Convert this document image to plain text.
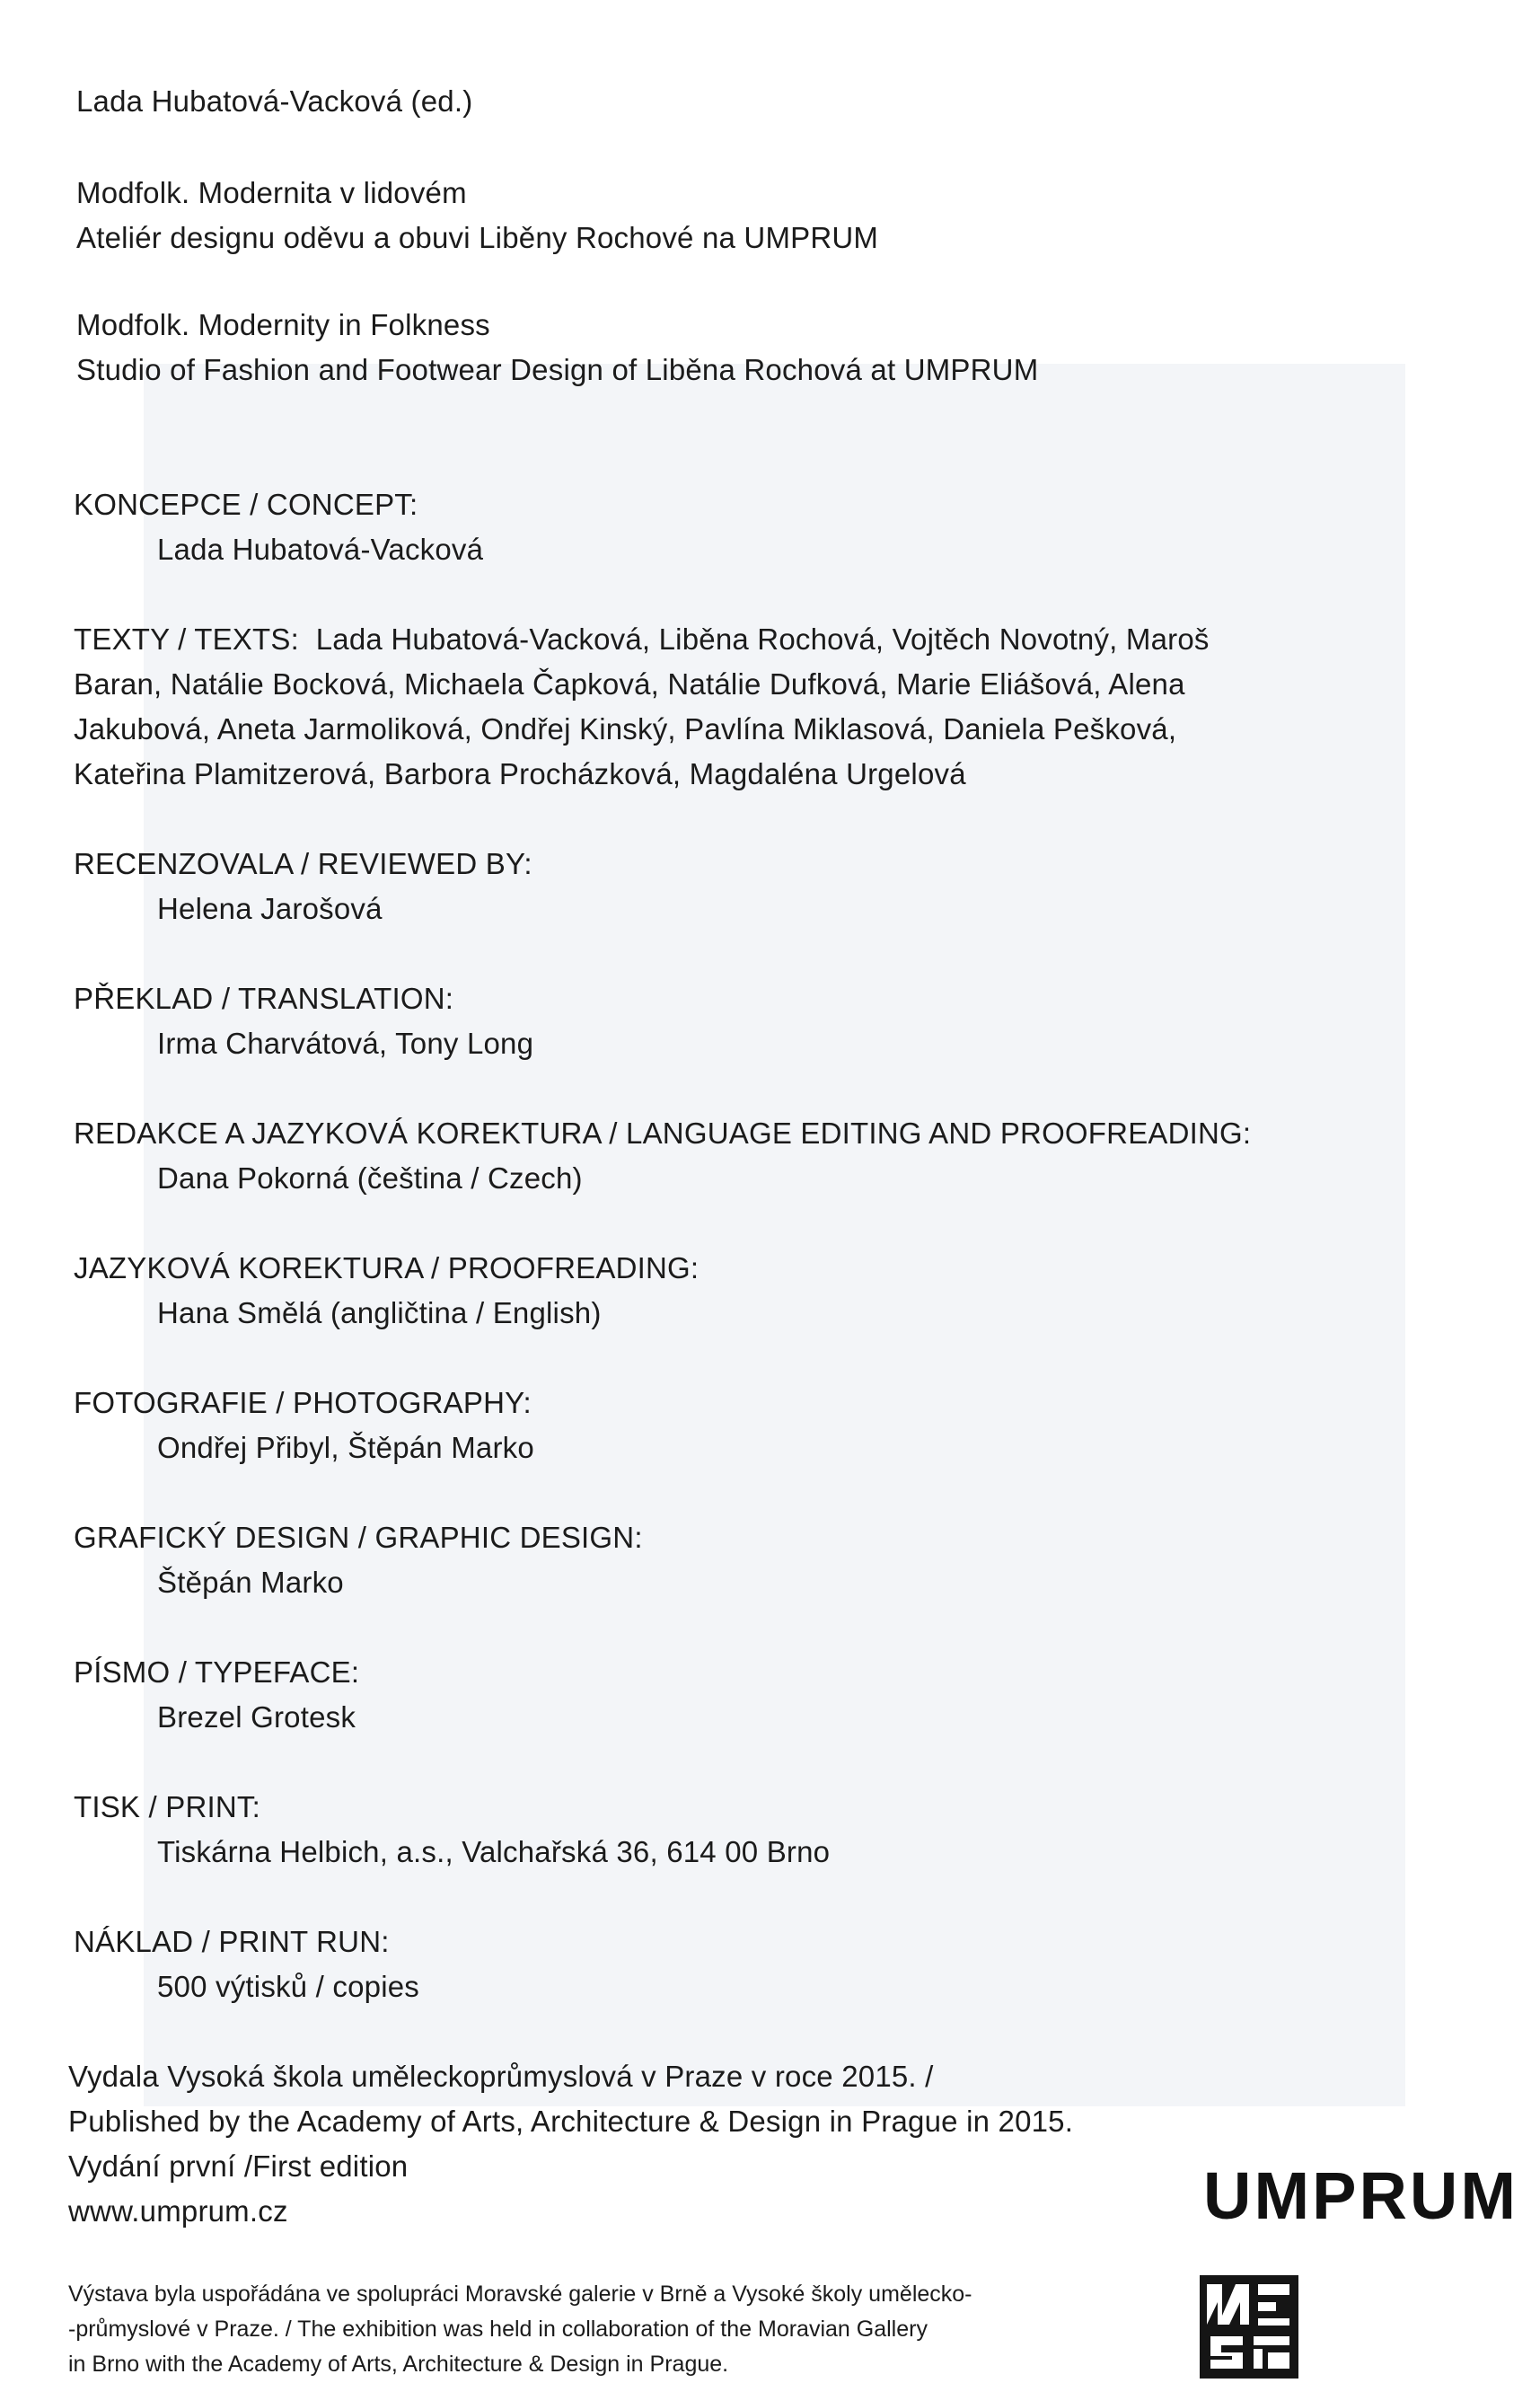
Lada Hubatová-Vacková (ed.)
Modfolk. Modernita v lidovém
Ateliér designu oděvu a obuvi Liběny Rochové na UMPRUM
Modfolk. Modernity in Folkness
Studio of Fashion and Footwear Design of Liběna Rochová at UMPRUM
KONCEPCE / CONCEPT:
Lada Hubatová-Vacková
TEXTY / TEXTS: Lada Hubatová-Vacková, Liběna Rochová, Vojtěch Novotný, Maroš
Baran, Natálie Bocková, Michaela Čapková, Natálie Dufková, Marie Eliášová, Alena
Jakubová, Aneta Jarmoliková, Ondřej Kinský, Pavlína Miklasová, Daniela Pešková,
Kateřina Plamitzerová, Barbora Procházková, Magdaléna Urgelová
RECENZOVALA / REVIEWED BY:
Helena Jarošová
PŘEKLAD / TRANSLATION:
Irma Charvátová, Tony Long
REDAKCE A JAZYKOVÁ KOREKTURA / LANGUAGE EDITING AND PROOFREADING:
Dana Pokorná (čeština / Czech)
JAZYKOVÁ KOREKTURA / PROOFREADING:
Hana Smělá (angličtina / English)
FOTOGRAFIE / PHOTOGRAPHY:
Ondřej Přibyl, Štěpán Marko
GRAFICKÝ DESIGN / GRAPHIC DESIGN:
Štěpán Marko
PÍSMO / TYPEFACE:
Brezel Grotesk
TISK / PRINT:
Tiskárna Helbich, a.s., Valchařská 36, 614 00 Brno
NÁKLAD / PRINT RUN:
500 výtisků / copies
Vydala Vysoká škola uměleckoprůmyslová v Praze v roce 2015. /
Published by the Academy of Arts, Architecture & Design in Prague in 2015.
Vydání první /First edition
www.umprum.cz
Výstava byla uspořádána ve spolupráci Moravské galerie v Brně a Vysoké školy umělecko-
-průmyslové v Praze. / The exhibition was held in collaboration of the Moravian Gallery
in Brno with the Academy of Arts, Architecture & Design in Prague.
UMPRUM
